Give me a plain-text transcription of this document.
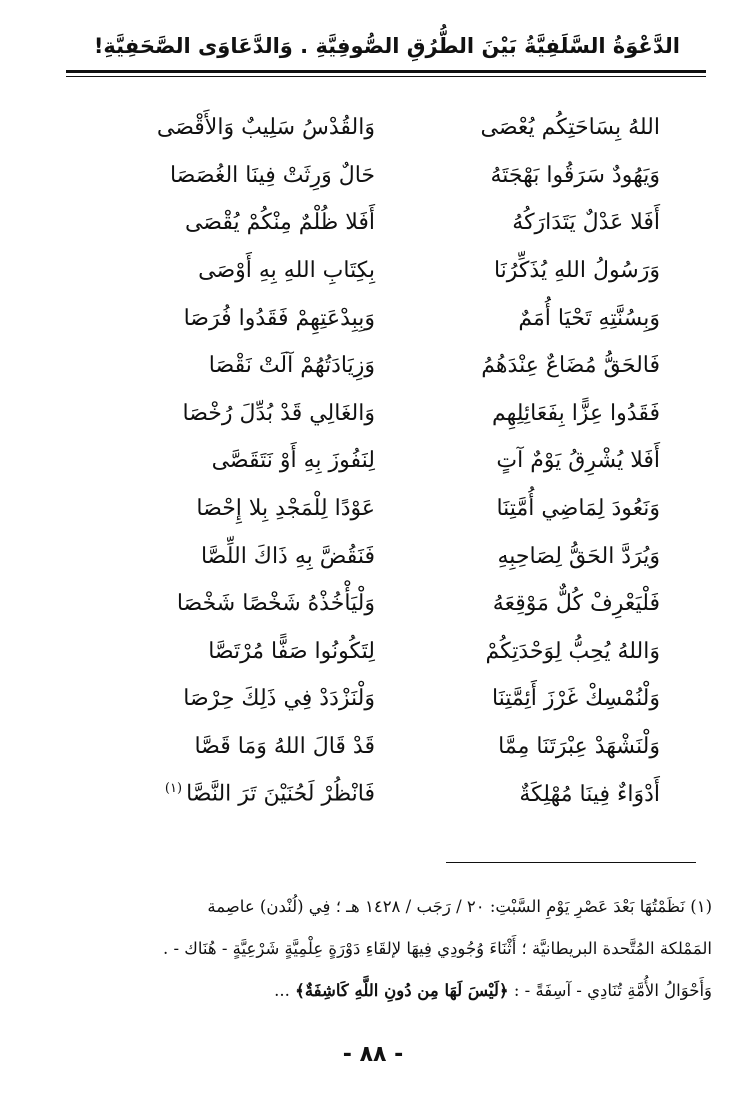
الدَّعْوَةُ السَّلَفِيَّةُ بَيْنَ الطُّرُقِ الصُّوفِيَّةِ . وَالدَّعَاوَى الصَّحَفِيَّةِ!
اللهُ بِسَاحَتِكُم يُعْصَى
وَالقُدْسُ سَلِيبٌ وَالأَقْصَى
وَيَهُودٌ سَرَقُوا بَهْجَتَهُ
حَالٌ وَرِثَتْ فِينَا الغُصَصَا
أَفَلا عَدْلٌ يَتَدَارَكُهُ
أَفَلا ظُلْمٌ مِنْكُمْ يُقْصَى
وَرَسُولُ اللهِ يُذَكِّرُنَا
بِكِتَابِ اللهِ بِهِ أَوْصَى
وَبِسُنَّتِهِ تَحْيَا أُمَمٌ
وَبِبِدْعَتِهِمْ فَقَدُوا فُرَصَا
فَالحَقُّ مُضَاعٌ عِنْدَهُمُ
وَزِيَادَتُهُمْ آلَتْ نَقْصَا
فَقَدُوا عِزًّا بِفَعَائِلِهِم
وَالغَالِي قَدْ بُدِّلَ رُخْصَا
أَفَلا يُشْرِقُ يَوْمٌ آتٍ
لِنَفُوزَ بِهِ أَوْ نَتَقَصَّى
وَنَعُودَ لِمَاضِي أُمَّتِنَا
عَوْدًا لِلْمَجْدِ بِلا إِحْصَا
وَيُرَدَّ الحَقُّ لِصَاحِبِهِ
فَنَقُضَّ بِهِ ذَاكَ اللِّصَّا
فَلْيَعْرِفْ كُلٌّ مَوْقِعَهُ
وَلْيَأْخُذْهُ شَخْصًا شَخْصَا
وَاللهُ يُحِبُّ لِوَحْدَتِكُمْ
لِتَكُونُوا صَفًّا مُرْتَصَّا
وَلْنُمْسِكْ غَرْزَ أَئِمَّتِنَا
وَلْنَزْدَدْ فِي ذَلِكَ حِرْصَا
وَلْنَشْهَدْ عِبْرَتَنَا مِمَّا
قَدْ قَالَ اللهُ وَمَا قَصَّا
أَدْوَاءٌ فِينَا مُهْلِكَةٌ
فَانْظُرْ لَحُنَيْنَ تَرَ النَّصَّا$^{(١)}$
(١) نَظَمْتُهَا بَعْدَ عَصْرِ يَوْمِ السَّبْتِ: ٢٠ / رَجَب / ١٤٢٨ هـ ؛ فِي (لُنْدن) عاصِمة
المَمْلكة المُتَّحدة البريطانيَّة ؛ أَثْنَاءَ وُجُودِي فِيهَا لإلقَاءِ دَوْرَةٍ عِلْمِيَّةٍ شَرْعِيَّةٍ - هُنَاك - .
وَأَحْوَالُ الأُمَّةِ تُنَادِي - آسِفَةً - : ﴿لَيْسَ لَهَا مِن دُونِ اللَّهِ كَاشِفَةٌ﴾ ...
- ٨٨ -
